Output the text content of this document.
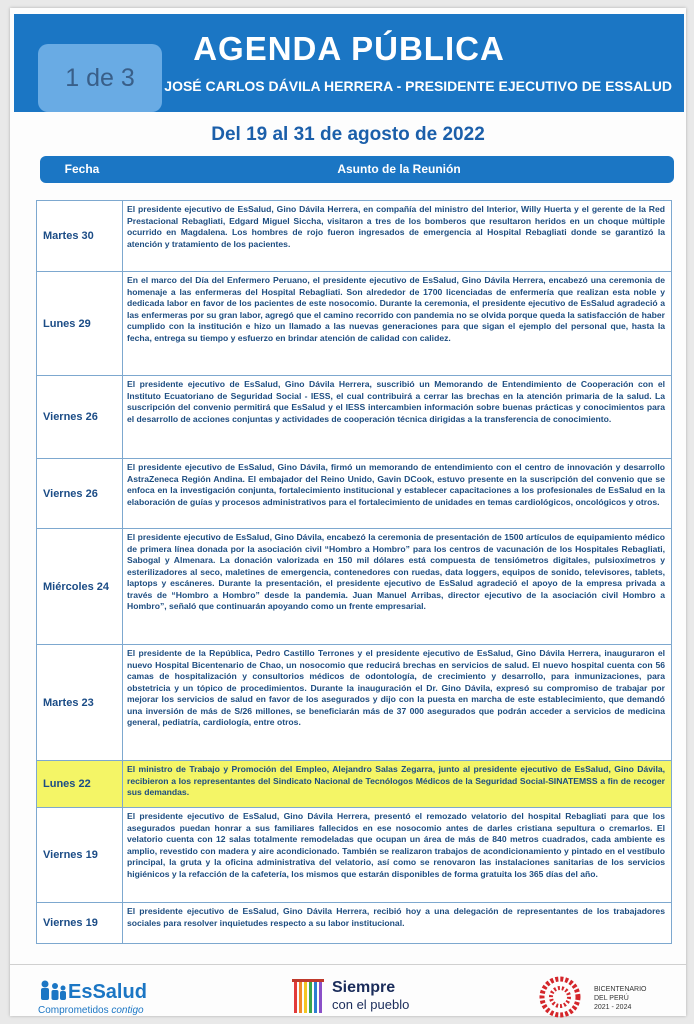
AGENDA PÚBLICA
JOSÉ CARLOS DÁVILA HERRERA - PRESIDENTE EJECUTIVO DE ESSALUD
1 de 3
Del 19 al 31 de agosto de 2022
Fecha	Asunto de la Reunión
Martes 30
El presidente ejecutivo de EsSalud, Gino Dávila Herrera, en compañía del ministro del Interior, Willy Huerta y el gerente de la Red Prestacional Rebagliati, Edgard Miguel Siccha, visitaron a tres de los bomberos que resultaron heridos en un choque múltiple ocurrido en Magdalena. Los hombres de rojo fueron ingresados de emergencia al Hospital Rebagliati donde se garantizó la atención y tratamiento de los pacientes.
Lunes 29
En el marco del Día del Enfermero Peruano, el presidente ejecutivo de EsSalud, Gino Dávila Herrera, encabezó una ceremonia de homenaje a las enfermeras del Hospital Rebagliati. Son alrededor de 1700 licenciadas de enfermería que realizan esta noble y dedicada labor en favor de los pacientes de este nosocomio. Durante la ceremonia, el presidente ejecutivo de EsSalud agradeció a las enfermeras por su gran labor, agregó que el camino recorrido con pandemia no se olvida porque queda la satisfacción de haber cumplido con la institución e hizo un llamado a las nuevas generaciones para que sigan el ejemplo del personal que, hasta la fecha, entrega su tiempo y esfuerzo en brindar atención de calidad con calidez.
Viernes 26
El presidente ejecutivo de EsSalud, Gino Dávila Herrera, suscribió un Memorando de Entendimiento de Cooperación con el Instituto Ecuatoriano de Seguridad Social - IESS, el cual contribuirá a cerrar las brechas en la atención primaria de la salud. La suscripción del convenio permitirá que EsSalud y el IESS intercambien información sobre buenas prácticas y conocimientos para el desarrollo de acciones conjuntas y actividades de cooperación técnica dirigidas a la transferencia de conocimiento.
Viernes 26
El presidente ejecutivo de EsSalud, Gino Dávila, firmó un memorando de entendimiento con el centro de innovación y desarrollo AstraZeneca Región Andina. El embajador del Reino Unido, Gavin DCook, estuvo presente en la suscripción del convenio que se enfoca en la investigación conjunta, fortalecimiento institucional y establecer capacitaciones a los profesionales de EsSalud en la elaboración de guías y procesos administrativos para el fortalecimiento de unidades en temas cardiológicos, oncológicos y otros.
Miércoles 24
El presidente ejecutivo de EsSalud, Gino Dávila, encabezó la ceremonia de presentación de 1500 artículos de equipamiento médico de primera línea donada por la asociación civil “Hombro a Hombro” para los centros de vacunación de los Hospitales Rebagliati, Sabogal y Almenara. La donación valorizada en 150 mil dólares está compuesta de tensiómetros digitales, pulsioxímetros y esterilizadores al seco, maletines de emergencia, contenedores con ruedas, data loggers, equipos de sonido, televisores, tablets, laptops y escáneres. Durante la presentación, el presidente ejecutivo de EsSalud agradeció el apoyo de la empresa privada a través de “Hombro a Hombro” desde la pandemia. Juan Manuel Arribas, director ejecutivo de la asociación civil Hombro a Hombro”, señaló que continuarán apoyando como un frente empresarial.
Martes 23
El presidente de la República, Pedro Castillo Terrones y el presidente ejecutivo de EsSalud, Gino Dávila Herrera, inauguraron el nuevo Hospital Bicentenario de Chao, un nosocomio que reducirá brechas en servicios de salud. El nuevo hospital cuenta con 56 camas de hospitalización y consultorios médicos de odontología, de crecimiento y desarrollo, para inmunizaciones, para obstetricia y un tópico de procedimientos. Durante la inauguración el Dr. Gino Dávila, expresó su compromiso de trabajar por mejorar los servicios de salud en favor de los asegurados y dijo con la puesta en marcha de este establecimiento, que demandó una inversión de más de S/26 millones, se beneficiarán más de 37 000 asegurados que podrán acceder a servicios de medicina general, pediatría, cardiología, entre otros.
Lunes 22
El ministro de Trabajo y Promoción del Empleo, Alejandro Salas Zegarra, junto al presidente ejecutivo de EsSalud, Gino Dávila, recibieron a los representantes del Sindicato Nacional de Tecnólogos Médicos de la Seguridad Social-SINATEMSS a fin de recoger sus demandas.
Viernes 19
El presidente ejecutivo de EsSalud, Gino Dávila Herrera, presentó el remozado velatorio del hospital Rebagliati para que los asegurados puedan honrar a sus familiares fallecidos en ese nosocomio antes de darles cristiana sepultura o cremarlos. El velatorio cuenta con 12 salas totalmente remodeladas que ocupan un área de más de 840 metros cuadrados, cada ambiente es amplio, revestido con madera y aire acondicionado. También se realizaron trabajos de acondicionamiento y pintado en el vestíbulo principal, la gruta y la oficina administrativa del velatorio, así como se renovaron las instalaciones sanitarias de los servicios higiénicos y la refacción de la cafetería, los mismos que estarán disponibles de forma gratuita los 365 días del año.
Viernes 19
El presidente ejecutivo de EsSalud, Gino Dávila Herrera, recibió hoy a una delegación de representantes de los trabajadores sociales para resolver inquietudes respecto a su labor institucional.
EsSalud
Comprometidos contigo
Siempre
con el pueblo
BICENTENARIO
DEL PERÚ
2021 - 2024
